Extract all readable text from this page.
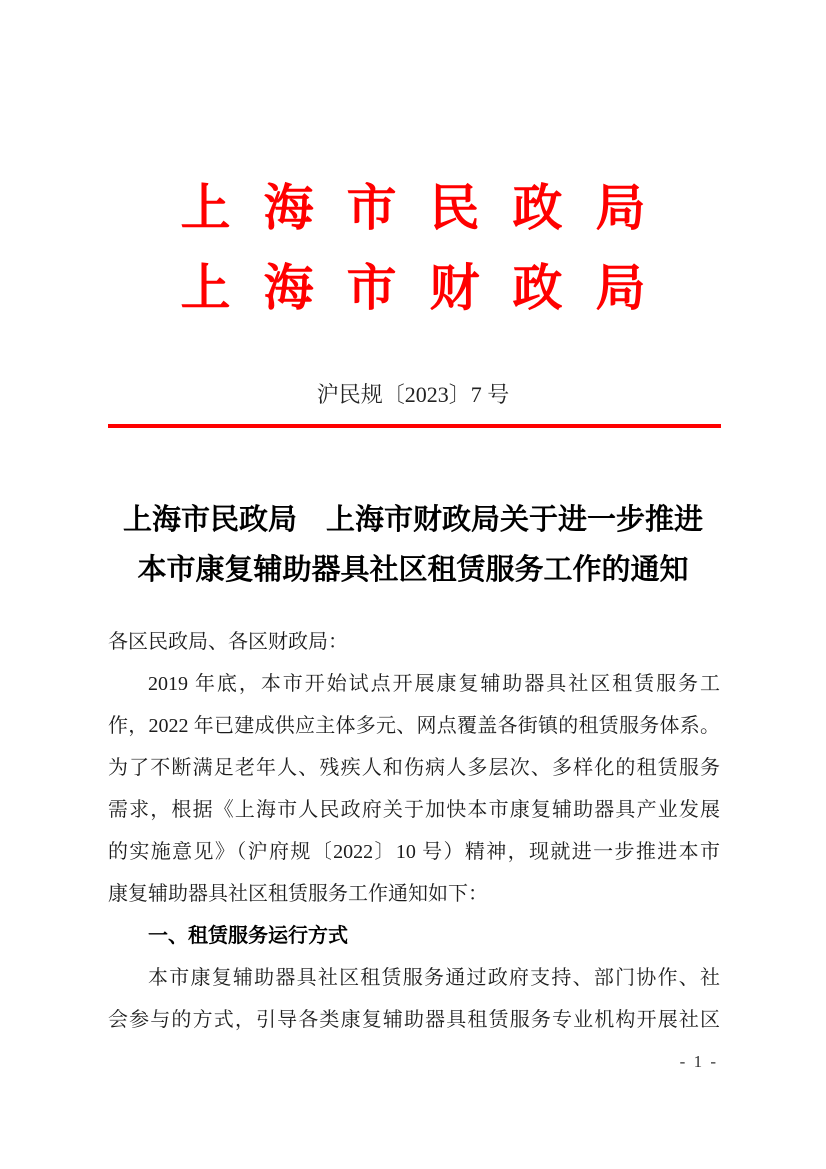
上海市民政局
上海市财政局
沪民规〔2023〕7 号
上海市民政局　上海市财政局关于进一步推进
本市康复辅助器具社区租赁服务工作的通知

各区民政局、各区财政局：

2019 年底，本市开始试点开展康复辅助器具社区租赁服务工
作，2022 年已建成供应主体多元、网点覆盖各街镇的租赁服务体系。
为了不断满足老年人、残疾人和伤病人多层次、多样化的租赁服务
需求，根据《上海市人民政府关于加快本市康复辅助器具产业发展
的实施意见》（沪府规〔2022〕10 号）精神，现就进一步推进本市
康复辅助器具社区租赁服务工作通知如下：

一、租赁服务运行方式

本市康复辅助器具社区租赁服务通过政府支持、部门协作、社
会参与的方式，引导各类康复辅助器具租赁服务专业机构开展社区
- 1 -
